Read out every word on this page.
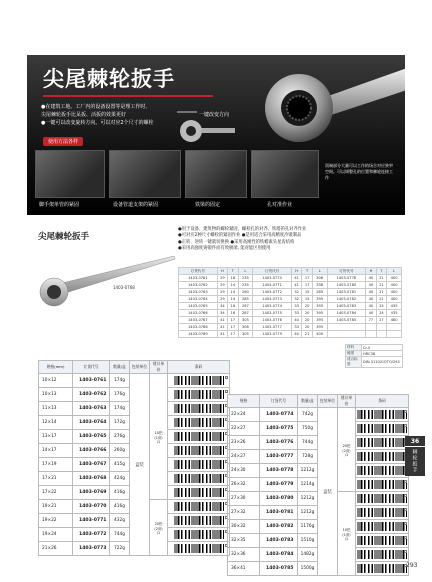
尖尾棘轮扳手
●在建筑工地、工厂内的设备设置等是理工作时,
尖尾棘轮扳手比呆扳、活扳的效果更好
●一键可以改变旋转方向。可以对应2个尺寸的螺栓
一键改变方向
使用方法各样
脚手架单管的紧固	设备管道支架的紧固	铁梁的固定	孔对准作业
顶端部分大量可以工作的场合对应狭窄空间。可以调整孔的位置和棘轮连接工作
尖尾棘轮扳手
●用于设备、建筑物的螺栓紧固、螺栓孔的对齐、铁塔的孔对齐作业
●可对应2种尺寸螺栓的紧固作业 ●是用适合采用高精度冷锻制品
●正转、逆转一键就切换换 ●采用高刚性的铁蜡素头星齿结构
●采用高强度铸锻件而有致极端, 能对能区别使用
1403-0768
订货代号	H	T	L	订货代号	H	T	L	订货代号	H	T	L
1403-0761	29	18	235	1403-0770	41	17	308	1403-0778	40	21	400
1403-0762	29	14	235	1403-0771	41	17	338	1403-0780	40	21	400
1403-0763	29	14	260	1403-0772	32	15	285	1403-0781	40	21	400
1403-0764	29	14	285	1403-0773	32	15	395	1403-0782	40	21	400
1403-0765	34	16	287	1403-0774	33	20	395	1403-0783	40	24	435
1403-0766	34	16	287	1403-0775	33	20	395	1403-0784	40	24	435
1403-0767	41	17	305	1403-0776	40	20	395	1403-0785	77	27	480
1403-0768	41	17	308	1403-0777	33	20	395				
1403-0769	41	17	305	1403-0779	40	21	400				
材料	Cr-V
硬度	HRC38
适合标准	DIN 3110/GOTO/293
规格(mm)	订货代号	数量/盒	包装单位	建议单价	条码
10×12	1403-0761	174g	盒装	10把
(1套)
/1	

10×13	1403-0762	176g			

11×13	1403-0763	174g			

12×14	1403-0764	172g			

13×17	1403-0765	276g			

14×17	1403-0766	260g			

17×19	1403-0767	415g			

17×21	1403-0768	424g			

17×22	1403-0769	416g			

19×21	1403-0770	416g		20把
(2套)
/1	

19×22	1403-0771	432g			

19×24	1403-0772	744g			

21×26	1403-0773	722g			
规格	订货代号	数量/盒	包装单位	建议单价	条码
22×24	1403-0774	742g	盒装	20把
(2套)
/1	

22×27	1403-0775	750g			

23×26	1403-0776	744g			

24×27	1403-0777	728g			

24×30	1403-0778	1212g			

26×32	1403-0779	1214g			

27×30	1403-0780	1212g		10把
(1套)
/1	

27×32	1403-0781	1212g			

30×32	1403-0782	1176g			

32×35	1403-0783	1510g			

32×36	1403-0784	1482g			

36×41	1403-0785	1500g			
36
棘轮扳手
293
